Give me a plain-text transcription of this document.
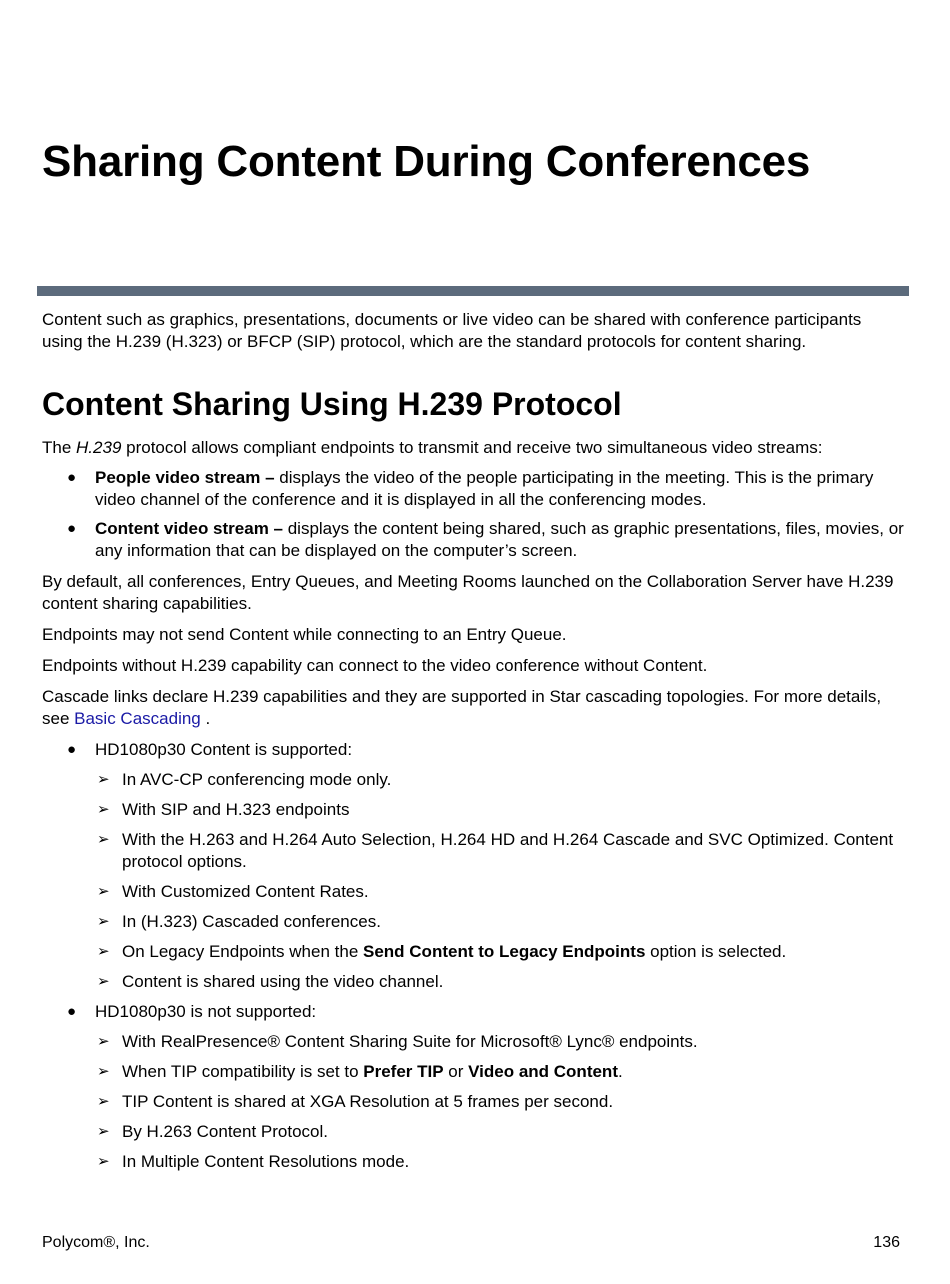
Sharing Content During Conferences

Content such as graphics, presentations, documents or live video can be shared with conference participants using the H.239 (H.323) or BFCP (SIP) protocol, which are the standard protocols for content sharing.

Content Sharing Using H.239 Protocol

The H.239 protocol allows compliant endpoints to transmit and receive two simultaneous video streams:

● People video stream – displays the video of the people participating in the meeting. This is the primary video channel of the conference and it is displayed in all the conferencing modes.
● Content video stream – displays the content being shared, such as graphic presentations, files, movies, or any information that can be displayed on the computer’s screen.

By default, all conferences, Entry Queues, and Meeting Rooms launched on the Collaboration Server have H.239 content sharing capabilities.

Endpoints may not send Content while connecting to an Entry Queue.

Endpoints without H.239 capability can connect to the video conference without Content.

Cascade links declare H.239 capabilities and they are supported in Star cascading topologies. For more details, see Basic Cascading .

● HD1080p30 Content is supported:
➢ In AVC-CP conferencing mode only.
➢ With SIP and H.323 endpoints
➢ With the H.263 and H.264 Auto Selection, H.264 HD and H.264 Cascade and SVC Optimized. Content protocol options.
➢ With Customized Content Rates.
➢ In (H.323) Cascaded conferences.
➢ On Legacy Endpoints when the Send Content to Legacy Endpoints option is selected.
➢ Content is shared using the video channel.
● HD1080p30 is not supported:
➢ With RealPresence® Content Sharing Suite for Microsoft® Lync® endpoints.
➢ When TIP compatibility is set to Prefer TIP or Video and Content.
➢ TIP Content is shared at XGA Resolution at 5 frames per second.
➢ By H.263 Content Protocol.
➢ In Multiple Content Resolutions mode.
Polycom®, Inc.	136
